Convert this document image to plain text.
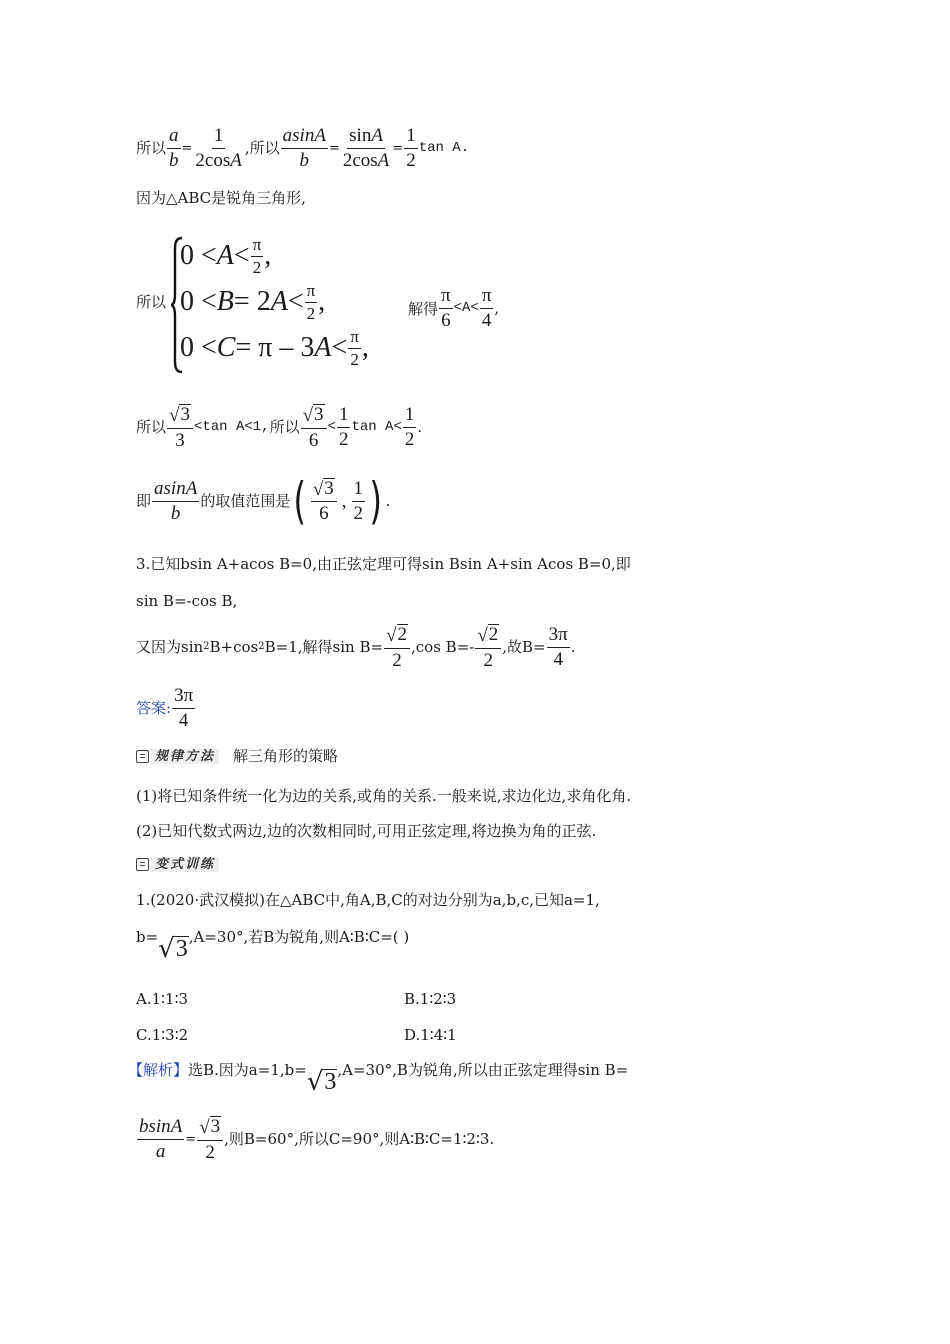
所以 $\frac{a}{b} = \frac{1}{2\cos A}$ ,所以 $\frac{asinA}{b} = \frac{\sin A}{2\cos A} = \frac{1}{2}$ tan A.
因为△ABC是锐角三角形,
所以
$0 < A < \frac{\pi}{2}$ ,
0 < B = 2 $A < \frac{\pi}{2}$ ,
0 < C = π – 3 $A < \frac{\pi}{2}$ ,
解得 $\frac{\pi}{6} <A< \frac{\pi}{4}$ ,
所以 $\frac{√ 3}{3} <\tan$ A<1, 所以 $\frac{√ 3}{6} < \frac{1}{2}$ $\tan A< \frac{1}{2}$ .
即 $\frac{asinA}{b}$ 的取值范围是 ( $\frac{√ 3}{6}$ , $\frac{1}{2}$ ) .
3.已知bsin A+acos B=0,由正弦定理可得sin Bsin A+sin Acos B=0,即
sin B=-cos B,
又因为sin 2 B+cos 2 B=1,解得$\sin B= \frac{√ 2}{2} ,\cos$ $B=- \frac{√ 2}{2}$ ,故$B= \frac{3\pi}{4}$ .
答案: $\frac{3\pi}{4}$
规律方法 解三角形的策略
(1)将已知条件统一化为边的关系,或角的关系.一般来说,求边化边,求角化角.
(2)已知代数式两边,边的次数相同时,可用正弦定理,将边换为角的正弦.
变式训练
1.(2020·武汉模拟)在△ABC中,角A,B,C的对边分别为a,b,c,已知a=1,
b= √ 3 ,A=30°,若B为锐角,则A∶B∶C=( )
A.1∶1∶3	B.1∶2∶3
C.1∶3∶2	D.1∶4∶1
【解析】 选B.因为a=1,b= √ 3 ,A=30°,B为锐角,所以由正弦定理得sin B=
$\frac{bsinA}{a} = \frac{√ 3}{2}$ ,则B=60°,所以C=90°,则A∶B∶C=1∶2∶3.
